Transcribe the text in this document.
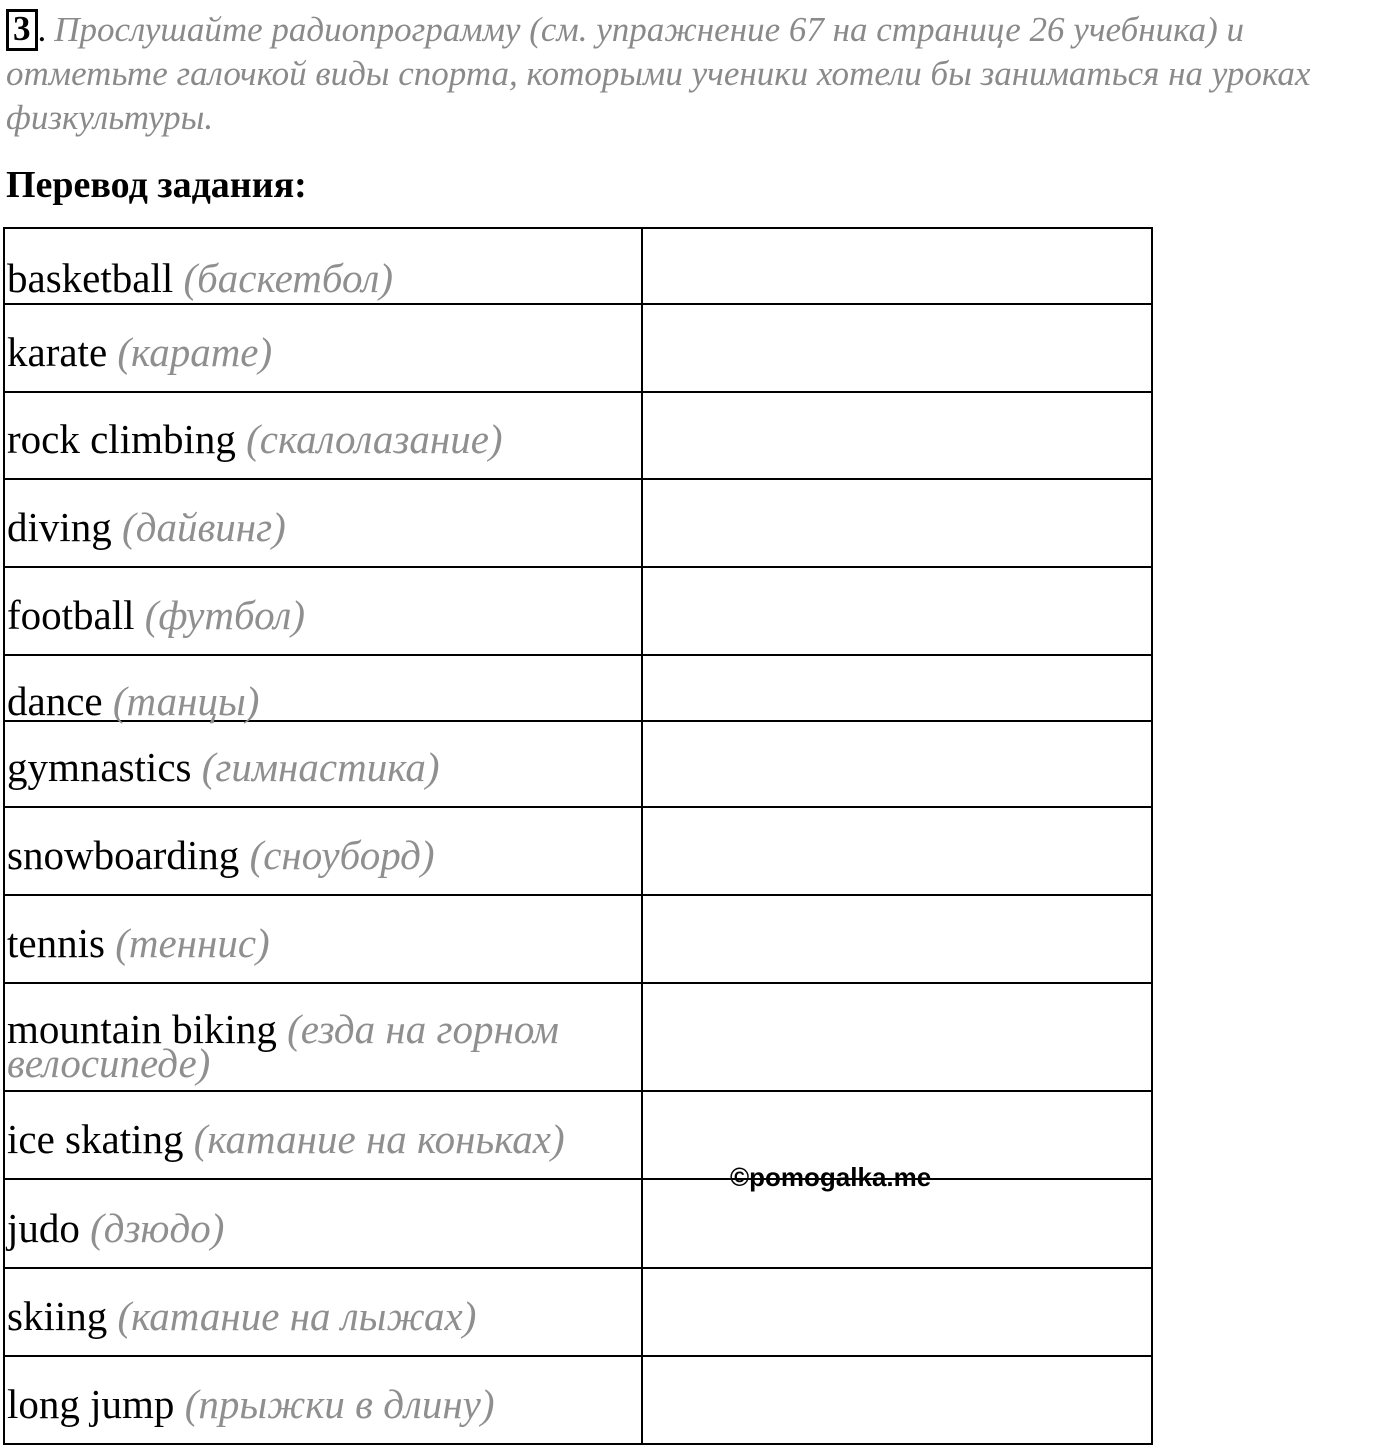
3 . Прослушайте радиопрограмму (см. упражнение 67 на странице 26 учебника) и отметьте галочкой виды спорта, которыми ученики хотели бы заниматься на уроках физкультуры.
Перевод задания:
basketball (баскетбол)	

karate (карате)	

rock climbing (скалолазание)	

diving (дайвинг)	

football (футбол)	

dance (танцы)	

gymnastics (гимнастика)	

snowboarding (сноуборд)	

tennis (теннис)	

mountain biking (езда на горном велосипеде)	

ice skating (катание на коньках)	

judo (дзюдо)	

skiing (катание на лыжах)	

long jump (прыжки в длину)	

©pomogalka.me
